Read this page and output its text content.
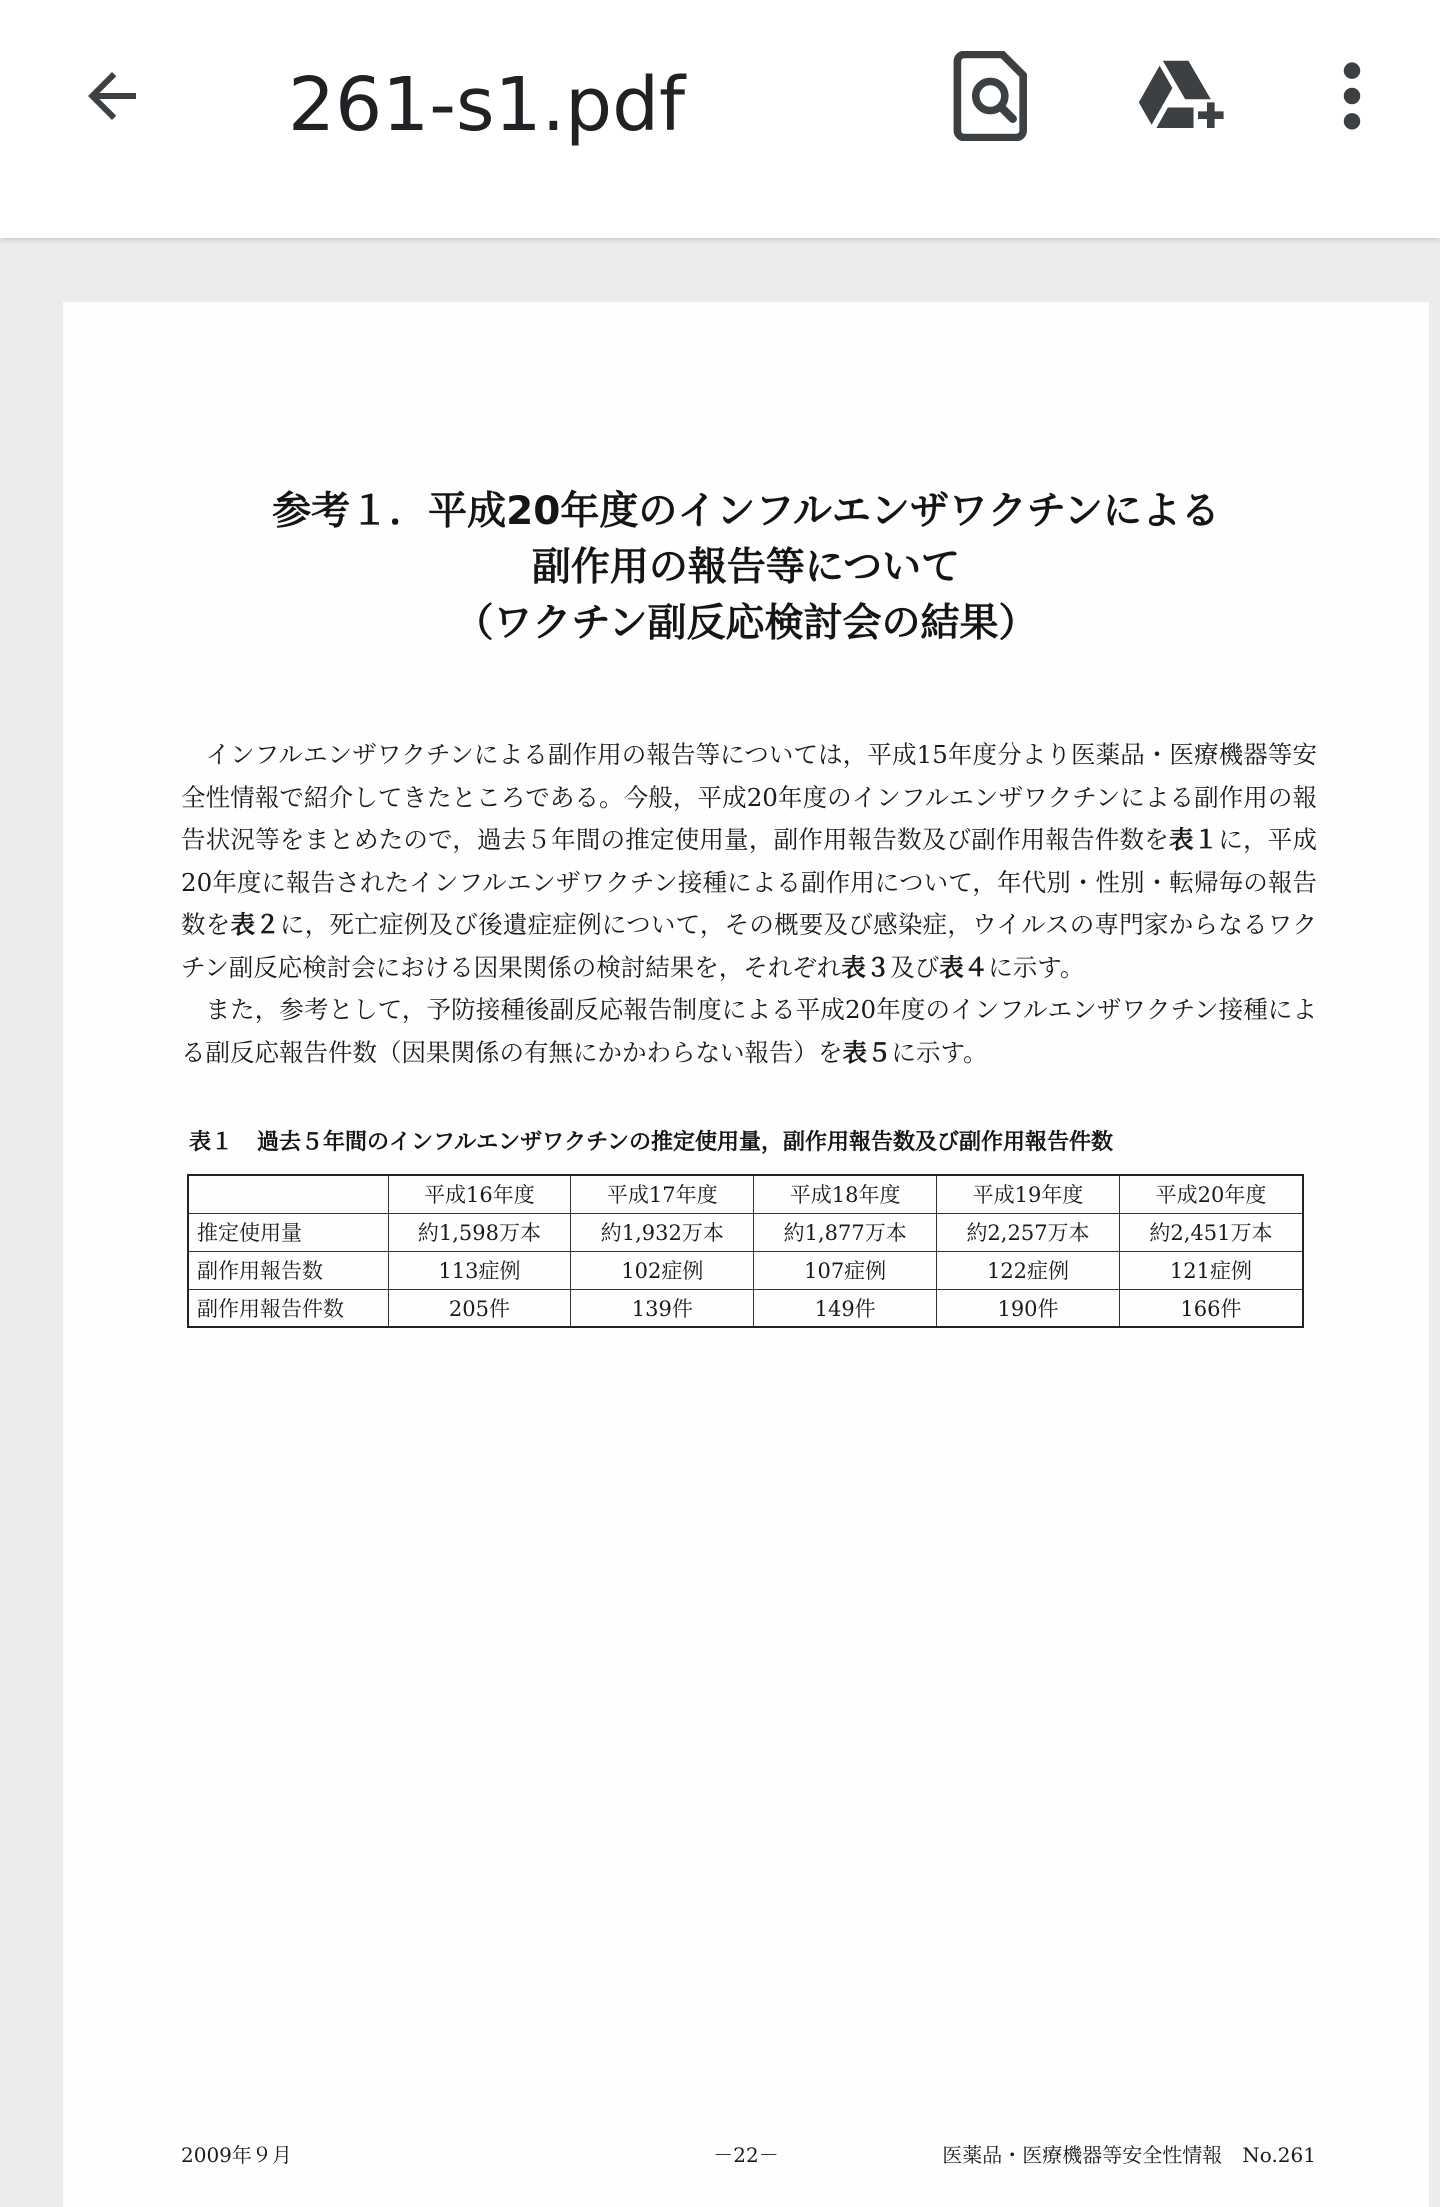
261-s1.pdf
参考１．平成20年度のインフルエンザワクチンによる
副作用の報告等について
（ワクチン副反応検討会の結果）

インフルエンザワクチンによる副作用の報告等については，平成15年度分より医薬品・医療機器等安全性情報で紹介してきたところである。今般，平成20年度のインフルエンザワクチンによる副作用の報告状況等をまとめたので，過去５年間の推定使用量，副作用報告数及び副作用報告件数を表１に，平成20年度に報告されたインフルエンザワクチン接種による副作用について，年代別・性別・転帰毎の報告数を表２に，死亡症例及び後遺症症例について，その概要及び感染症，ウイルスの専門家からなるワクチン副反応検討会における因果関係の検討結果を，それぞれ表３及び表４に示す。

また，参考として，予防接種後副反応報告制度による平成20年度のインフルエンザワクチン接種による副反応報告件数（因果関係の有無にかかわらない報告）を表５に示す。

表１ 過去５年間のインフルエンザワクチンの推定使用量，副作用報告数及び副作用報告件数
	平成16年度	平成17年度	平成18年度	平成19年度	平成20年度
推定使用量	約1,598万本	約1,932万本	約1,877万本	約2,257万本	約2,451万本
副作用報告数	113症例	102症例	107症例	122症例	121症例
副作用報告件数	205件	139件	149件	190件	166件
2009年９月	－22－	医薬品・医療機器等安全性情報　No.261
